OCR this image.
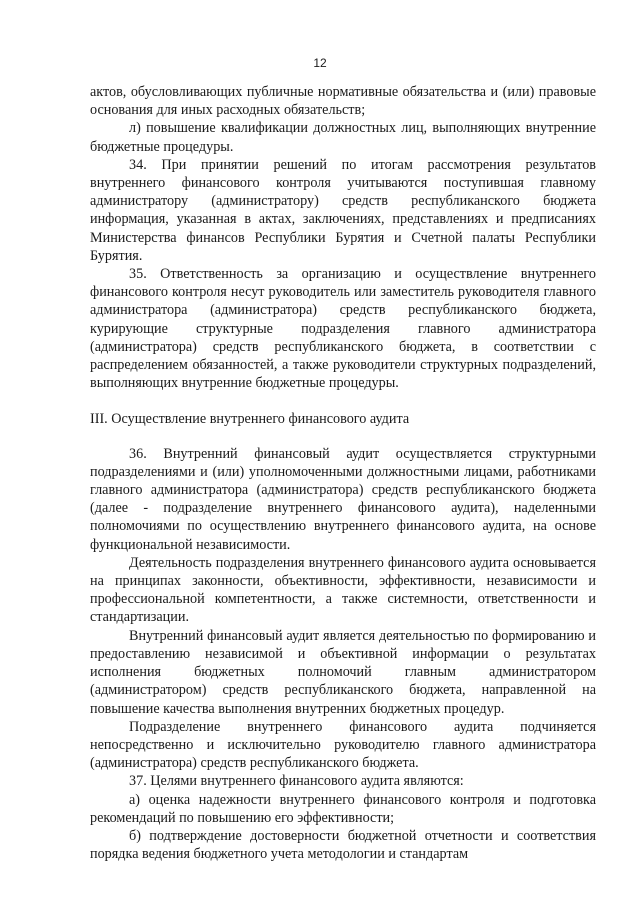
12

актов, обусловливающих публичные нормативные обязательства и (или) правовые основания для иных расходных обязательств;

л) повышение квалификации должностных лиц, выполняющих внутренние бюджетные процедуры.

34. При принятии решений по итогам рассмотрения результатов внутреннего финансового контроля учитываются поступившая главному администратору (администратору) средств республиканского бюджета информация, указанная в актах, заключениях, представлениях и предписаниях Министерства финансов Республики Бурятия и Счетной палаты Республики Бурятия.

35. Ответственность за организацию и осуществление внутреннего финансового контроля несут руководитель или заместитель руководителя главного администратора (администратора) средств республиканского бюджета, курирующие структурные подразделения главного администратора (администратора) средств республиканского бюджета, в соответствии с распределением обязанностей, а также руководители структурных подразделений, выполняющих внутренние бюджетные процедуры.

III. Осуществление внутреннего финансового аудита

36. Внутренний финансовый аудит осуществляется структурными подразделениями и (или) уполномоченными должностными лицами, работниками главного администратора (администратора) средств республиканского бюджета (далее - подразделение внутреннего финансового аудита), наделенными полномочиями по осуществлению внутреннего финансового аудита, на основе функциональной независимости.

Деятельность подразделения внутреннего финансового аудита основывается на принципах законности, объективности, эффективности, независимости и профессиональной компетентности, а также системности, ответственности и стандартизации.

Внутренний финансовый аудит является деятельностью по формированию и предоставлению независимой и объективной информации о результатах исполнения бюджетных полномочий главным администратором (администратором) средств республиканского бюджета, направленной на повышение качества выполнения внутренних бюджетных процедур.

Подразделение внутреннего финансового аудита подчиняется непосредственно и исключительно руководителю главного администратора (администратора) средств республиканского бюджета.

37. Целями внутреннего финансового аудита являются:

а) оценка надежности внутреннего финансового контроля и подготовка рекомендаций по повышению его эффективности;

б) подтверждение достоверности бюджетной отчетности и соответствия порядка ведения бюджетного учета методологии и стандартам
